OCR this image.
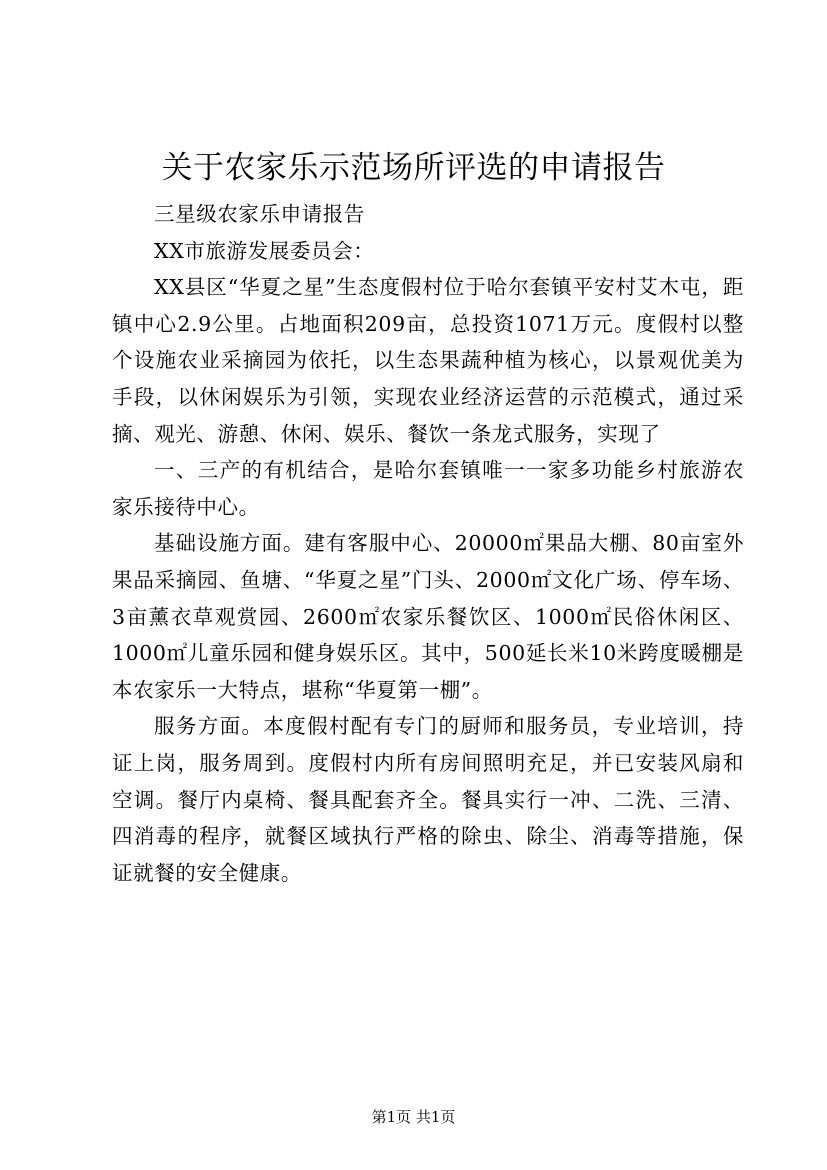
关于农家乐示范场所评选的申请报告

三星级农家乐申请报告

XX市旅游发展委员会：

XX县区“华夏之星”生态度假村位于哈尔套镇平安村艾木屯，距镇中心2.9公里。占地面积209亩，总投资1071万元。度假村以整个设施农业采摘园为依托，以生态果蔬种植为核心，以景观优美为手段，以休闲娱乐为引领，实现农业经济运营的示范模式，通过采摘、观光、游憩、休闲、娱乐、餐饮一条龙式服务，实现了

一、三产的有机结合，是哈尔套镇唯一一家多功能乡村旅游农家乐接待中心。

基础设施方面。建有客服中心、20000㎡果品大棚、80亩室外果品采摘园、鱼塘、“华夏之星”门头、2000㎡文化广场、停车场、3亩薰衣草观赏园、2600㎡农家乐餐饮区、1000㎡民俗休闲区、1000㎡儿童乐园和健身娱乐区。其中，500延长米10米跨度暖棚是本农家乐一大特点，堪称“华夏第一棚”。

服务方面。本度假村配有专门的厨师和服务员，专业培训，持证上岗，服务周到。度假村内所有房间照明充足，并已安装风扇和空调。餐厅内桌椅、餐具配套齐全。餐具实行一冲、二洗、三清、四消毒的程序，就餐区域执行严格的除虫、除尘、消毒等措施，保证就餐的安全健康。

第1页 共1页
